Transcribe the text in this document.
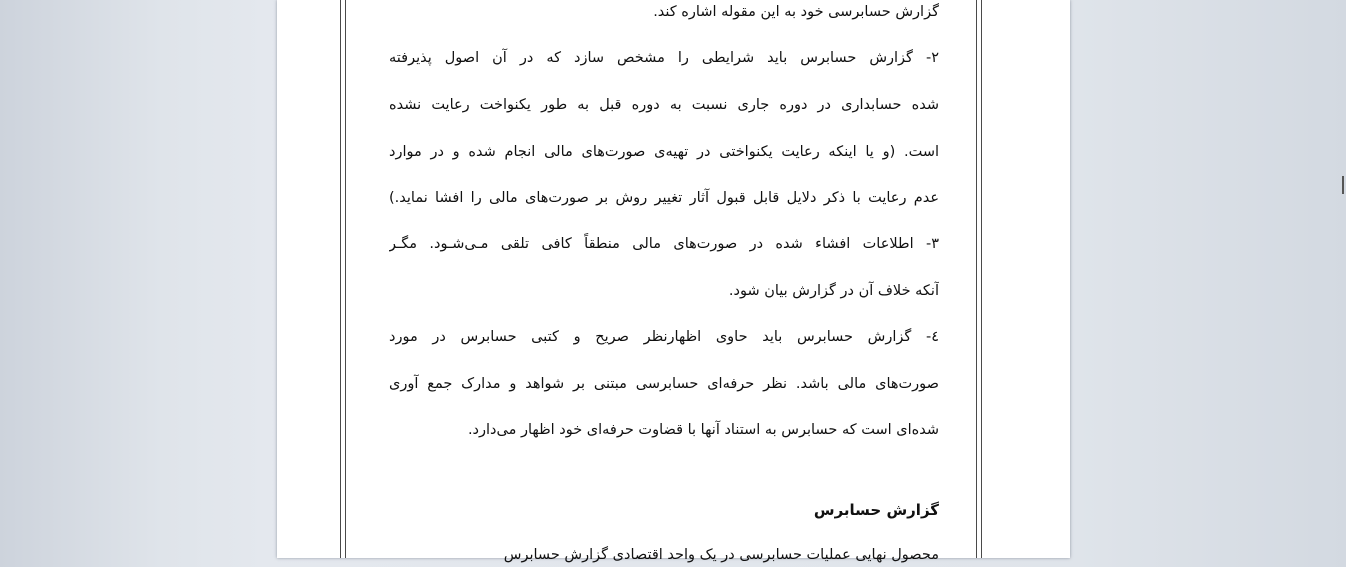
گزارش حسابرسی خود به این مقوله اشاره کند.
۲- گزارش حسابرس باید شرایطی را مشخص سازد که در آن اصول پذیرفته
شده حسابداری در دوره جاری نسبت به دوره قبل به طور یکنواخت رعایت نشده
است. (و یا اینکه رعایت یکنواختی در تهیه‌ی صورت‌های مالی انجام شده و در موارد
عدم رعایت با ذکر دلایل قابل قبول آثار تغییر روش بر صورت‌های مالی را افشا نماید.)
۳- اطلاعات افشاء شده در صورت‌های مالی منطقاً کافی تلقی مـی‌شـود. مگـر
آنکه خلاف آن در گزارش بیان شود.
٤- گزارش حسابرس باید حاوی اظهارنظر صریح و کتبی حسابرس در مورد
صورت‌های مالی باشد. نظر حرفه‌ای حسابرسی مبتنی بر شواهد و مدارک جمع آوری
شده‌ای است که حسابرس به استناد آنها با قضاوت حرفه‌ای خود اظهار می‌دارد.
گزارش حسابرس
محصول نهایی عملیات حسابرسی در یک واحد اقتصادی گزارش حسابرس
